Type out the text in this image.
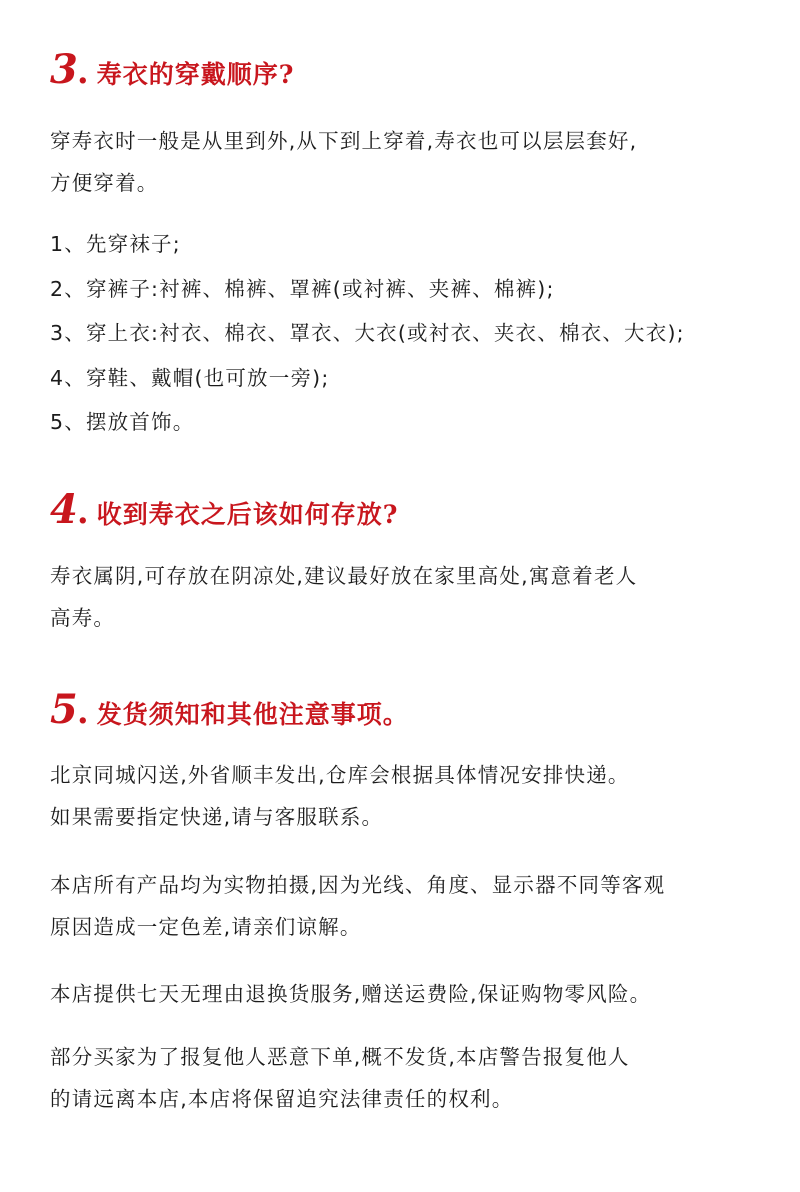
3 . 寿衣的穿戴顺序?

穿寿衣时一般是从里到外,从下到上穿着,寿衣也可以层层套好,

方便穿着。

1、先穿袜子;
2、穿裤子:衬裤、棉裤、罩裤(或衬裤、夹裤、棉裤);
3、穿上衣:衬衣、棉衣、罩衣、大衣(或衬衣、夹衣、棉衣、大衣);
4、穿鞋、戴帽(也可放一旁);
5、摆放首饰。
4 . 收到寿衣之后该如何存放?

寿衣属阴,可存放在阴凉处,建议最好放在家里高处,寓意着老人

高寿。

5 . 发货须知和其他注意事项。

北京同城闪送,外省顺丰发出,仓库会根据具体情况安排快递。

如果需要指定快递,请与客服联系。

本店所有产品均为实物拍摄,因为光线、角度、显示器不同等客观

原因造成一定色差,请亲们谅解。

本店提供七天无理由退换货服务,赠送运费险,保证购物零风险。

部分买家为了报复他人恶意下单,概不发货,本店警告报复他人

的请远离本店,本店将保留追究法律责任的权利。
